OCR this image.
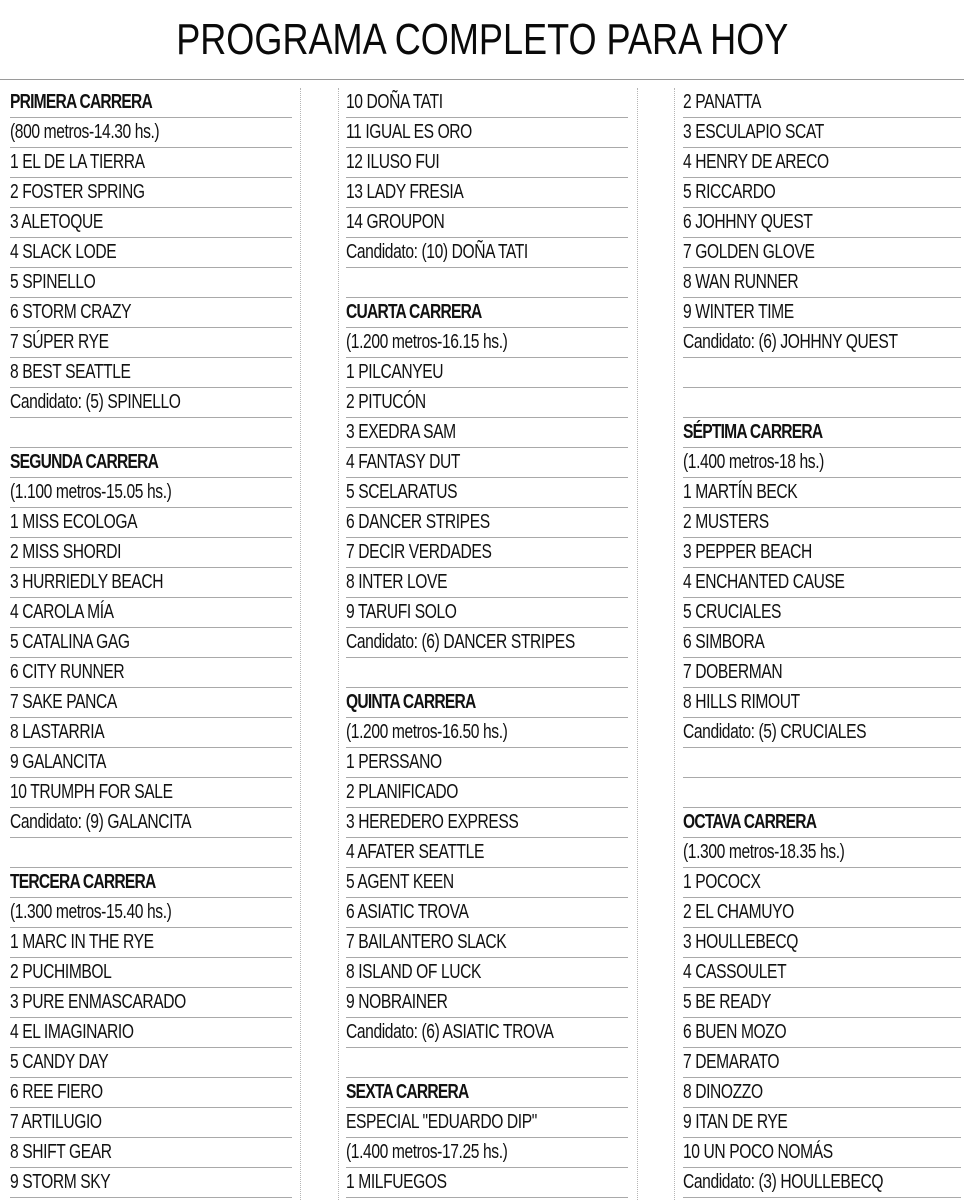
PROGRAMA COMPLETO PARA HOY
PRIMERA CARRERA
(800 metros-14.30 hs.)
1 EL DE LA TIERRA
2 FOSTER SPRING
3 ALETOQUE
4 SLACK LODE
5 SPINELLO
6 STORM CRAZY
7 SÚPER RYE
8 BEST SEATTLE
Candidato: (5) SPINELLO
SEGUNDA CARRERA
(1.100 metros-15.05 hs.)
1 MISS ECOLOGA
2 MISS SHORDI
3 HURRIEDLY BEACH
4 CAROLA MÍA
5 CATALINA GAG
6 CITY RUNNER
7 SAKE PANCA
8 LASTARRIA
9 GALANCITA
10 TRUMPH FOR SALE
Candidato: (9) GALANCITA
TERCERA CARRERA
(1.300 metros-15.40 hs.)
1 MARC IN THE RYE
2 PUCHIMBOL
3 PURE ENMASCARADO
4 EL IMAGINARIO
5 CANDY DAY
6 REE FIERO
7 ARTILUGIO
8 SHIFT GEAR
9 STORM SKY
10 DOÑA TATI
11 IGUAL ES ORO
12 ILUSO FUI
13 LADY FRESIA
14 GROUPON
Candidato: (10) DOÑA TATI
CUARTA CARRERA
(1.200 metros-16.15 hs.)
1 PILCANYEU
2 PITUCÓN
3 EXEDRA SAM
4 FANTASY DUT
5 SCELARATUS
6 DANCER STRIPES
7 DECIR VERDADES
8 INTER LOVE
9 TARUFI SOLO
Candidato: (6) DANCER STRIPES
QUINTA CARRERA
(1.200 metros-16.50 hs.)
1 PERSSANO
2 PLANIFICADO
3 HEREDERO EXPRESS
4 AFATER SEATTLE
5 AGENT KEEN
6 ASIATIC TROVA
7 BAILANTERO SLACK
8 ISLAND OF LUCK
9 NOBRAINER
Candidato: (6) ASIATIC TROVA
SEXTA CARRERA
ESPECIAL "EDUARDO DIP"
(1.400 metros-17.25 hs.)
1 MILFUEGOS
2 PANATTA
3 ESCULAPIO SCAT
4 HENRY DE ARECO
5 RICCARDO
6 JOHHNY QUEST
7 GOLDEN GLOVE
8 WAN RUNNER
9 WINTER TIME
Candidato: (6) JOHHNY QUEST
SÉPTIMA CARRERA
(1.400 metros-18 hs.)
1 MARTÍN BECK
2 MUSTERS
3 PEPPER BEACH
4 ENCHANTED CAUSE
5 CRUCIALES
6 SIMBORA
7 DOBERMAN
8 HILLS RIMOUT
Candidato: (5) CRUCIALES
OCTAVA CARRERA
(1.300 metros-18.35 hs.)
1 POCOCX
2 EL CHAMUYO
3 HOULLEBECQ
4 CASSOULET
5 BE READY
6 BUEN MOZO
7 DEMARATO
8 DINOZZO
9 ITAN DE RYE
10 UN POCO NOMÁS
Candidato: (3) HOULLEBECQ
